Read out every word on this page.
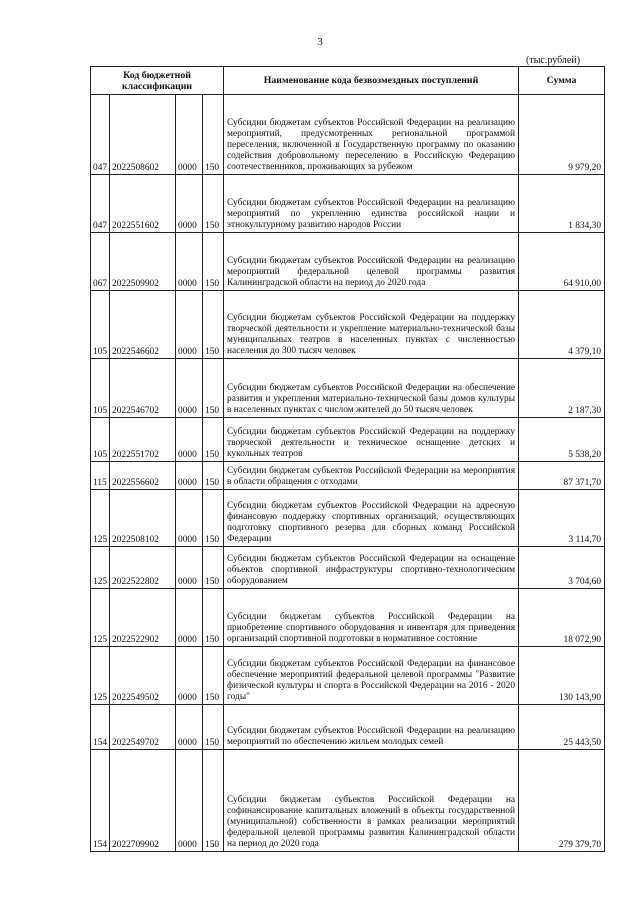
3
(тыс.рублей)
Код бюджетной классификации				Наименование кода безвозмездных поступлений	Сумма
047	2022508602	0000	150	Субсидии бюджетам субъектов Российской Федерации на реализацию мероприятий, предусмотренных региональной программой переселения, включенной в Государственную программу по оказанию содействия добровольному переселению в Российскую Федерацию соотечественников, проживающих за рубежом	9 979,20
047	2022551602	0000	150	Субсидии бюджетам субъектов Российской Федерации на реализацию мероприятий по укреплению единства российской нации и этнокультурному развитию народов России	1 834,30
067	2022509902	0000	150	Субсидии бюджетам субъектов Российской Федерации на реализацию мероприятий федеральной целевой программы развития Калининградской области на период до 2020 года	64 910,00
105	2022546602	0000	150	Субсидии бюджетам субъектов Российской Федерации на поддержку творческой деятельности и укрепление материально-технической базы муниципальных театров в населенных пунктах с численностью населения до 300 тысяч человек	4 379,10
105	2022546702	0000	150	Субсидии бюджетам субъектов Российской Федерации на обеспечение развития и укрепления материально-технической базы домов культуры в населенных пунктах с числом жителей до 50 тысяч человек	2 187,30
105	2022551702	0000	150	Субсидии бюджетам субъектов Российской Федерации на поддержку творческой деятельности и техническое оснащение детских и кукольных театров	5 538,20
115	2022556602	0000	150	Субсидии бюджетам субъектов Российской Федерации на мероприятия в области обращения с отходами	87 371,70
125	2022508102	0000	150	Субсидии бюджетам субъектов Российской Федерации на адресную финансовую поддержку спортивных организаций, осуществляющих подготовку спортивного резерва для сборных команд Российской Федерации	3 114,70
125	2022522802	0000	150	Субсидии бюджетам субъектов Российской Федерации на оснащение объектов спортивной инфраструктуры спортивно-технологическим оборудованием	3 704,60
125	2022522902	0000	150	Субсидии бюджетам субъектов Российской Федерации на приобретение спортивного оборудования и инвентаря для приведения организаций спортивной подготовки в нормативное состояние	18 072,90
125	2022549502	0000	150	Субсидии бюджетам субъектов Российской Федерации на финансовое обеспечение мероприятий федеральной целевой программы "Развитие физической культуры и спорта в Российской Федерации на 2016 - 2020 годы"	130 143,90
154	2022549702	0000	150	Субсидии бюджетам субъектов Российской Федерации на реализацию мероприятий по обеспечению жильем молодых семей	25 443,50
154	2022709902	0000	150	Субсидии бюджетам субъектов Российской Федерации на софинансирование капитальных вложений в объекты государственной (муниципальной) собственности в рамках реализации мероприятий федеральной целевой программы развития Калининградской области на период до 2020 года	279 379,70
